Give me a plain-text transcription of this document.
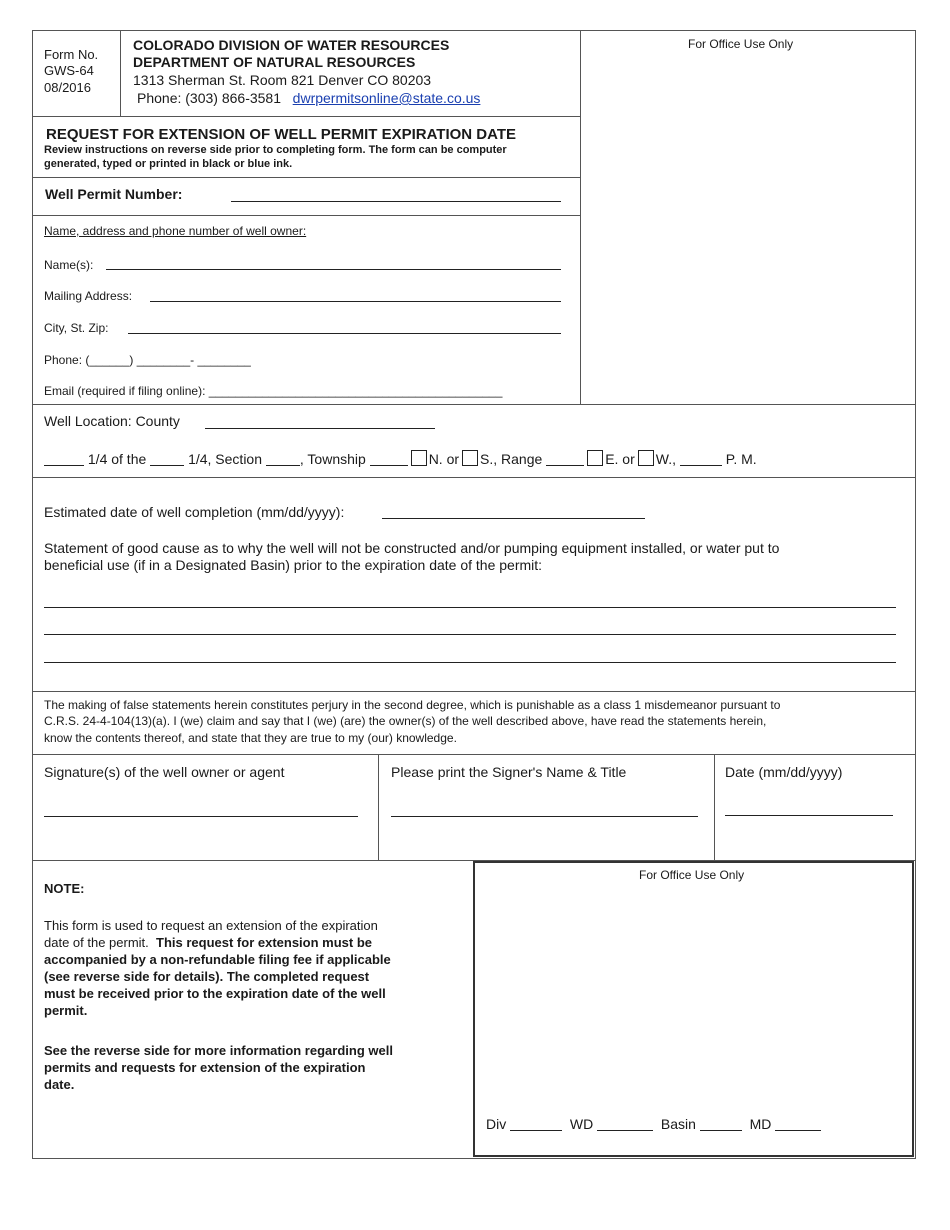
Form No.
GWS-64
08/2016
COLORADO DIVISION OF WATER RESOURCES
DEPARTMENT OF NATURAL RESOURCES
1313 Sherman St. Room 821 Denver CO 80203
Phone: (303) 866-3581 dwrpermitsonline@state.co.us
For Office Use Only
REQUEST FOR EXTENSION OF WELL PERMIT EXPIRATION DATE
Review instructions on reverse side prior to completing form. The form can be computer
generated, typed or printed in black or blue ink.
Well Permit Number:
Name, address and phone number of well owner:
Name(s):
Mailing Address:
City, St. Zip:
Phone: (______) ________- ________
Email (required if filing online): ____________________________________________
Well Location: County
1/4 of the	1/4, Section	, Township	N. or S., Range	E. or W.,	P. M.
Estimated date of well completion (mm/dd/yyyy):
Statement of good cause as to why the well will not be constructed and/or pumping equipment installed, or water put to
beneficial use (if in a Designated Basin) prior to the expiration date of the permit:
The making of false statements herein constitutes perjury in the second degree, which is punishable as a class 1 misdemeanor pursuant to
C.R.S. 24-4-104(13)(a). I (we) claim and say that I (we) (are) the owner(s) of the well described above, have read the statements herein,
know the contents thereof, and state that they are true to my (our) knowledge.
Signature(s) of the well owner or agent	Please print the Signer's Name & Title	Date (mm/dd/yyyy)
NOTE:
This form is used to request an extension of the expiration
date of the permit. This request for extension must be
accompanied by a non-refundable filing fee if applicable
(see reverse side for details). The completed request
must be received prior to the expiration date of the well
permit.
See the reverse side for more information regarding well
permits and requests for extension of the expiration
date.
For Office Use Only
Div	WD	Basin	MD
